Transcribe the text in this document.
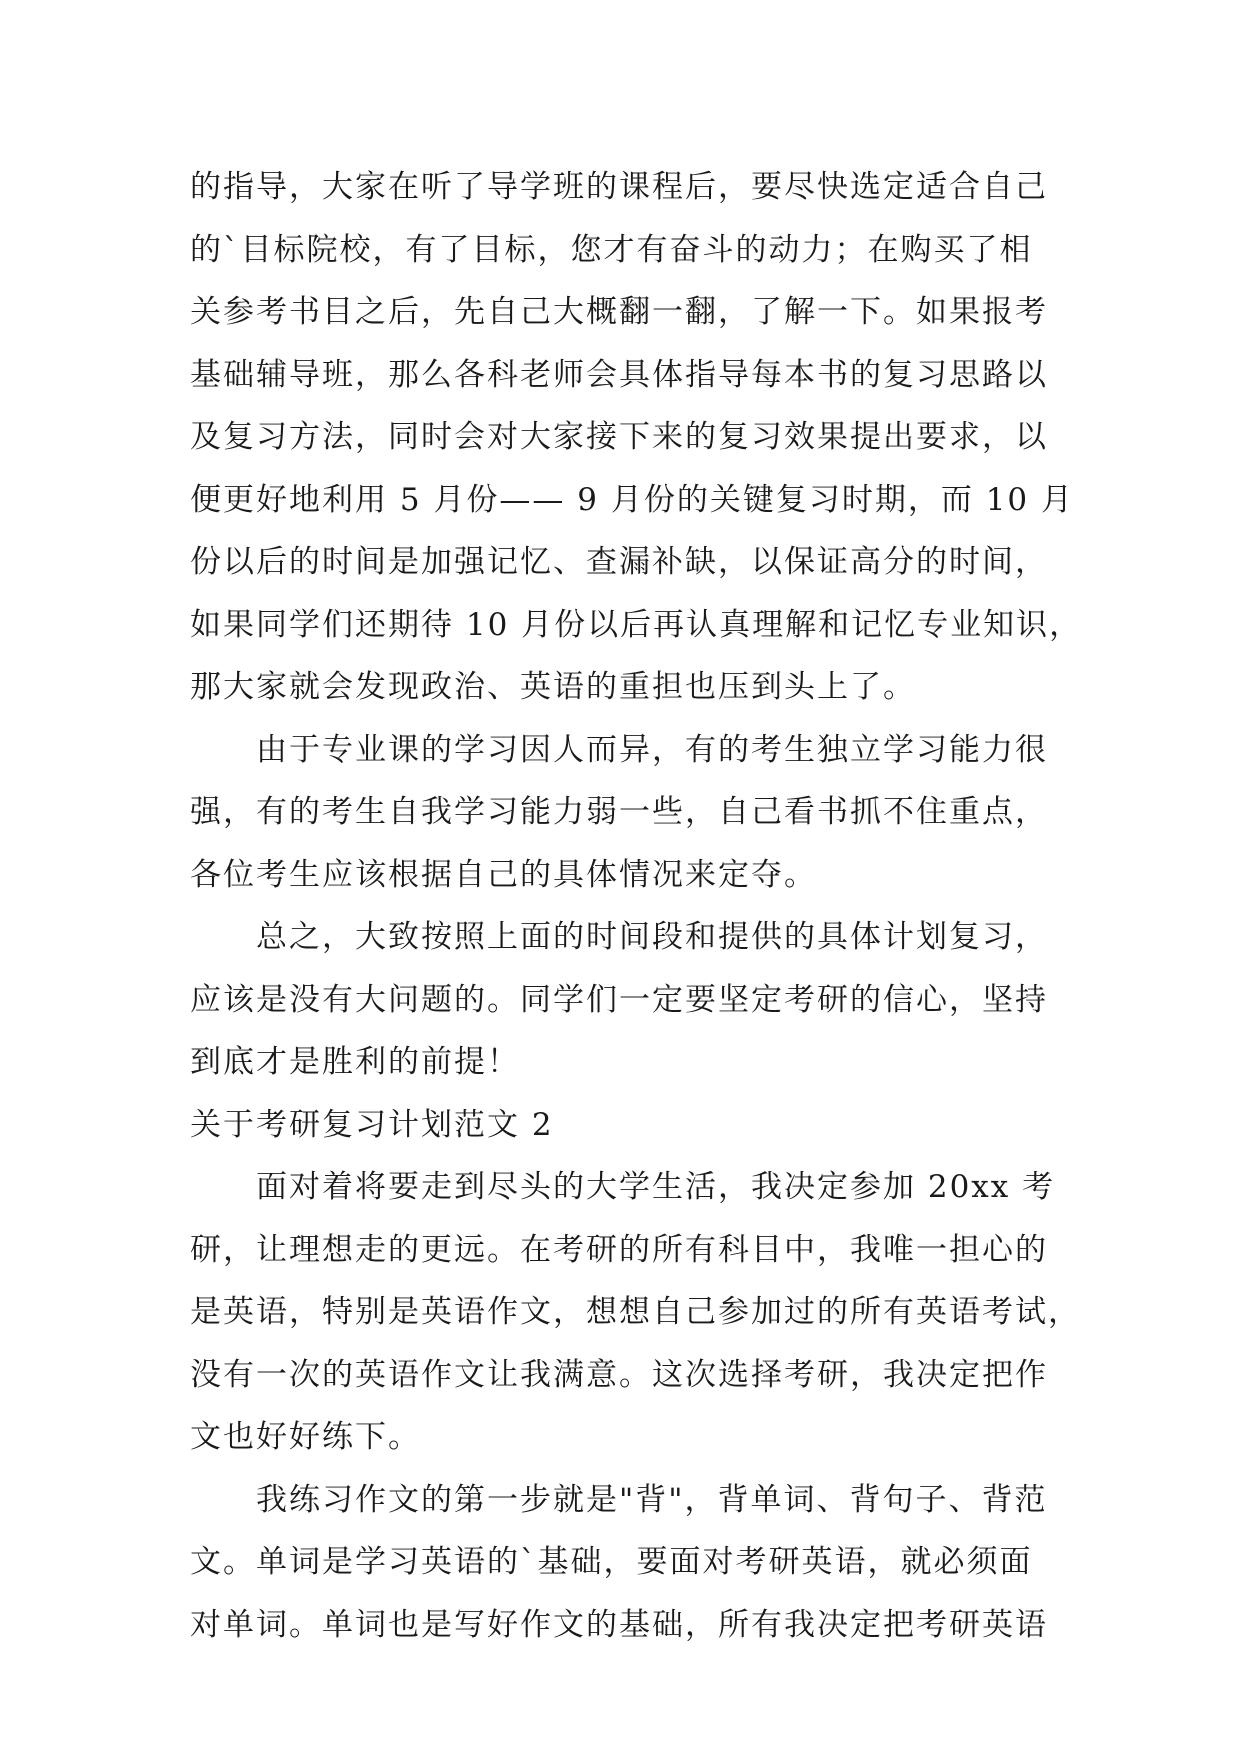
的指导，大家在听了导学班的课程后，要尽快选定适合自己
的`目标院校，有了目标，您才有奋斗的动力；在购买了相
关参考书目之后，先自己大概翻一翻，了解一下。如果报考
基础辅导班，那么各科老师会具体指导每本书的复习思路以
及复习方法，同时会对大家接下来的复习效果提出要求，以
便更好地利用 5 月份—— 9 月份的关键复习时期，而 10 月
份以后的时间是加强记忆、查漏补缺，以保证高分的时间，
如果同学们还期待 10 月份以后再认真理解和记忆专业知识，
那大家就会发现政治、英语的重担也压到头上了。
由于专业课的学习因人而异，有的考生独立学习能力很
强，有的考生自我学习能力弱一些，自己看书抓不住重点，
各位考生应该根据自己的具体情况来定夺。
总之，大致按照上面的时间段和提供的具体计划复习，
应该是没有大问题的。同学们一定要坚定考研的信心，坚持
到底才是胜利的前提！
关于考研复习计划范文 2
面对着将要走到尽头的大学生活，我决定参加 20xx 考
研，让理想走的更远。在考研的所有科目中，我唯一担心的
是英语，特别是英语作文，想想自己参加过的所有英语考试，
没有一次的英语作文让我满意。这次选择考研，我决定把作
文也好好练下。
我练习作文的第一步就是"背"，背单词、背句子、背范
文。单词是学习英语的`基础，要面对考研英语，就必须面
对单词。单词也是写好作文的基础，所有我决定把考研英语
